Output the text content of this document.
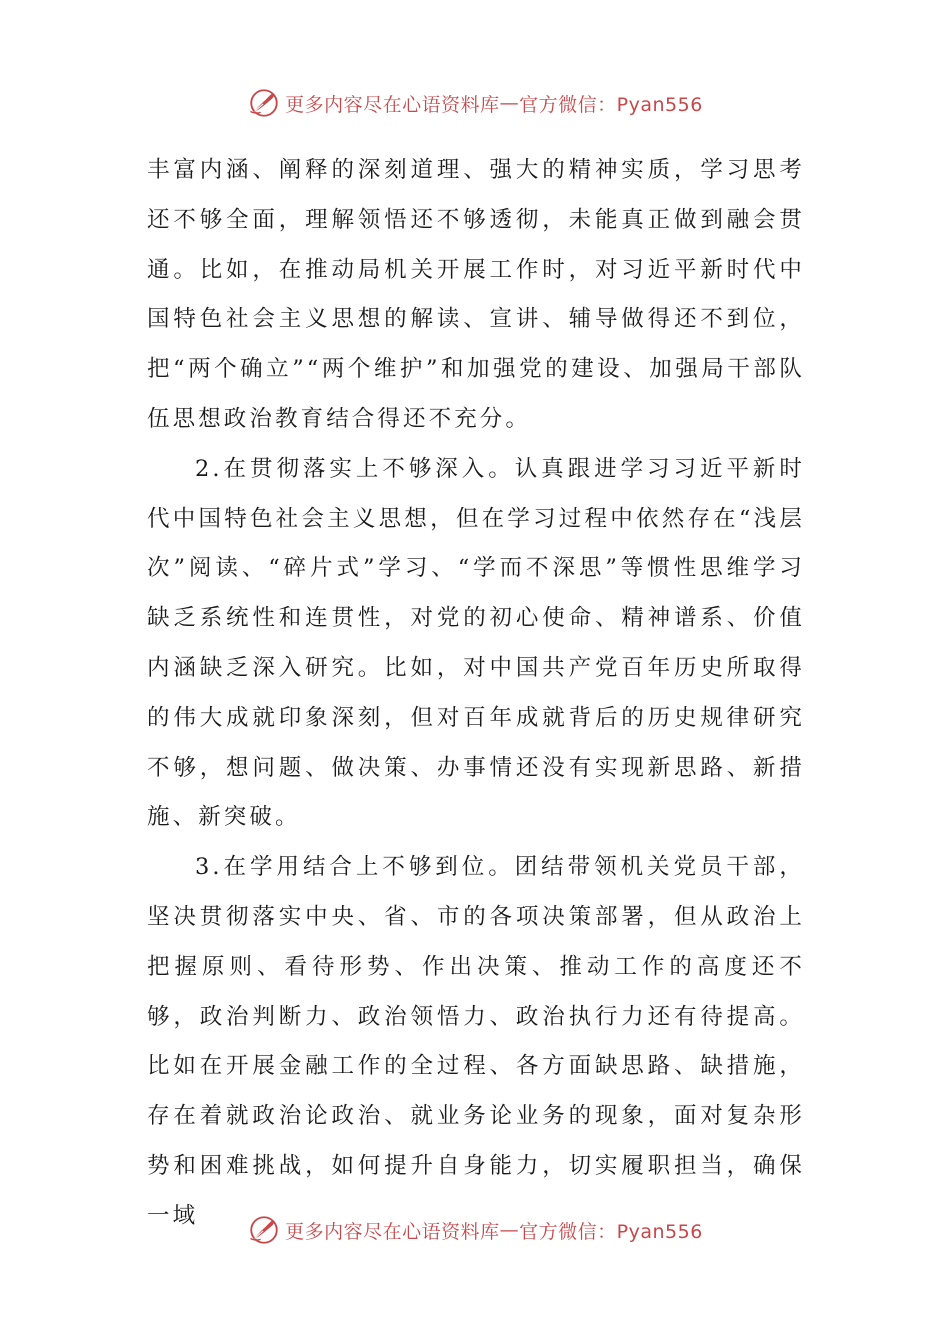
更多内容尽在心语资料库 — 官方微信：Pyan556

丰富内涵、阐释的深刻道理、强大的精神实质，学习思考还不够全面，理解领悟还不够透彻，未能真正做到融会贯通。比如，在推动局机关开展工作时，对习近平新时代中国特色社会主义思想的解读、宣讲、辅导做得还不到位，把“两个确立”“两个维护”和加强党的建设、加强局干部队伍思想政治教育结合得还不充分。

2.在贯彻落实上不够深入。认真跟进学习习近平新时代中国特色社会主义思想，但在学习过程中依然存在“浅层次”阅读、“碎片式”学习、“学而不深思”等惯性思维学习缺乏系统性和连贯性，对党的初心使命、精神谱系、价值内涵缺乏深入研究。比如，对中国共产党百年历史所取得的伟大成就印象深刻，但对百年成就背后的历史规律研究不够，想问题、做决策、办事情还没有实现新思路、新措施、新突破。

3.在学用结合上不够到位。团结带领机关党员干部，坚决贯彻落实中央、省、市的各项决策部署，但从政治上把握原则、看待形势、作出决策、推动工作的高度还不够，政治判断力、政治领悟力、政治执行力还有待提高。比如在开展金融工作的全过程、各方面缺思路、缺措施，存在着就政治论政治、就业务论业务的现象，面对复杂形势和困难挑战，如何提升自身能力，切实履职担当，确保一域

更多内容尽在心语资料库 — 官方微信：Pyan556
